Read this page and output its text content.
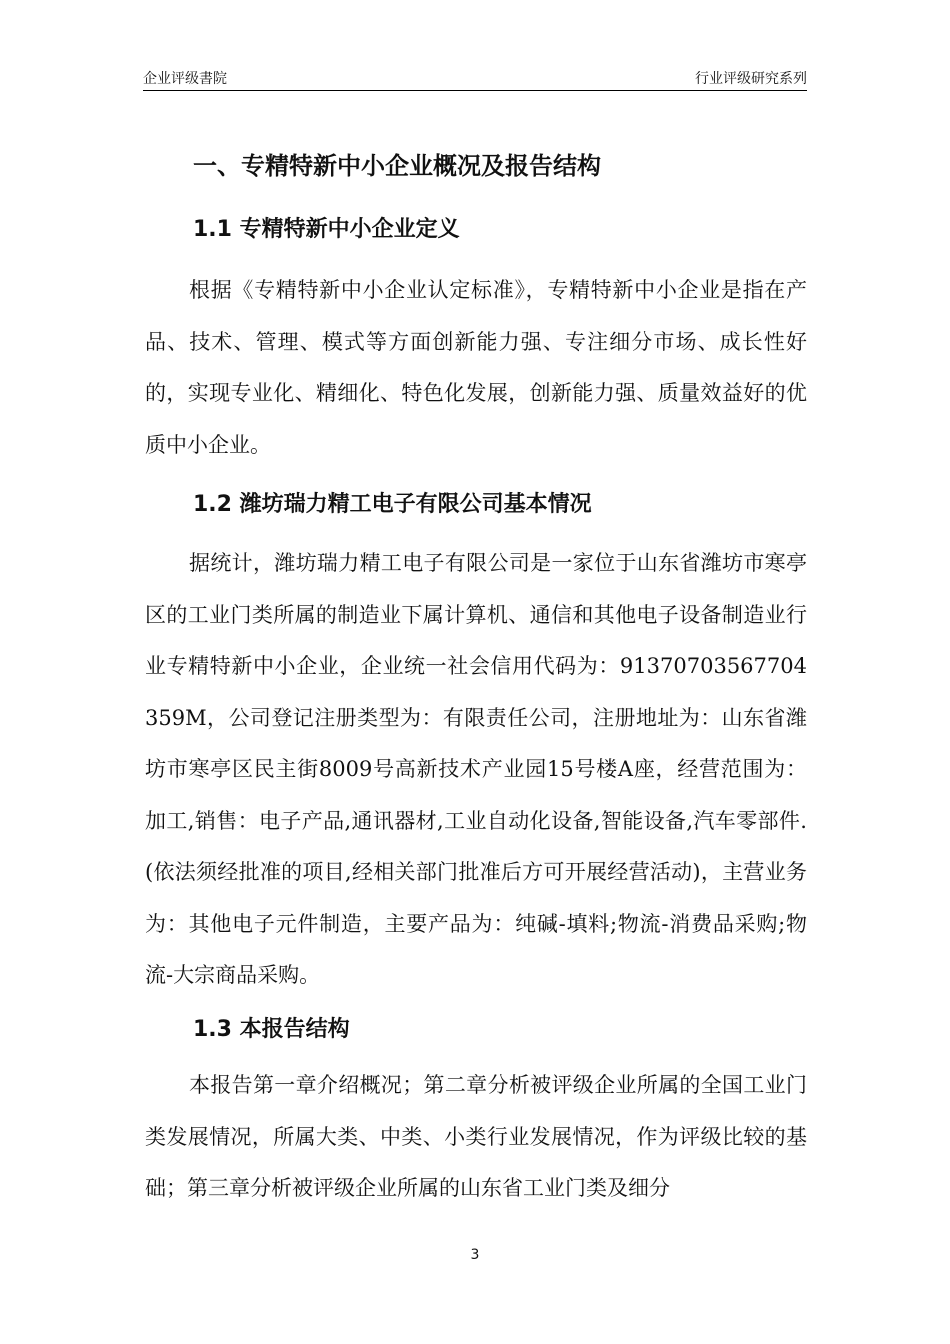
企业评级書院	行业评级研究系列
一、专精特新中小企业概况及报告结构
1.1 专精特新中小企业定义
根据《专精特新中小企业认定标准》，专精特新中小企业是指在产品、技术、管理、模式等方面创新能力强、专注细分市场、成长性好的，实现专业化、精细化、特色化发展，创新能力强、质量效益好的优质中小企业。
1.2 潍坊瑞力精工电子有限公司基本情况
据统计，潍坊瑞力精工电子有限公司是一家位于山东省潍坊市寒亭区的工业门类所属的制造业下属计算机、通信和其他电子设备制造业行业专精特新中小企业，企业统一社会信用代码为：91370703567704359M，公司登记注册类型为：有限责任公司，注册地址为：山东省潍坊市寒亭区民主街8009号高新技术产业园15号楼A座，经营范围为：加工,销售：电子产品,通讯器材,工业自动化设备,智能设备,汽车零部件.(依法须经批准的项目,经相关部门批准后方可开展经营活动)，主营业务为：其他电子元件制造，主要产品为：纯碱-填料;物流-消费品采购;物流-大宗商品采购。
1.3 本报告结构
本报告第一章介绍概况；第二章分析被评级企业所属的全国工业门类发展情况，所属大类、中类、小类行业发展情况，作为评级比较的基础；第三章分析被评级企业所属的山东省工业门类及细分
3
